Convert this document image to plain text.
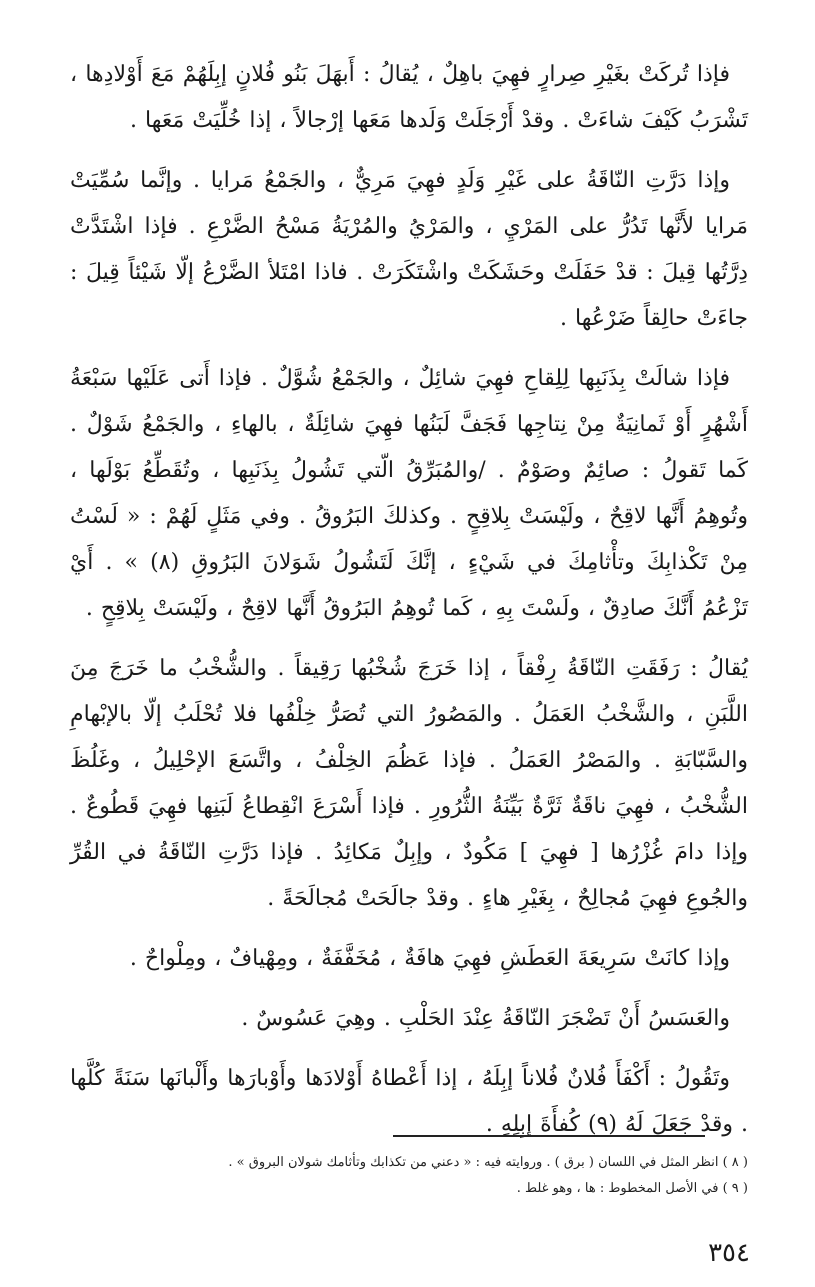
فإذا تُركَتْ بغَيْرِ صِرارٍ فهِيَ باهِلٌ ، يُقالُ : أَبهَلَ بَنُو فُلانٍ إبِلَهُمْ مَعَ أَوْلادِها ، تَشْرَبُ كَيْفَ شاءَتْ . وقدْ أَرْجَلَتْ وَلَدها مَعَها إرْجالاً ، إذا خُلِّيَتْ مَعَها .

وإذا دَرَّتِ النّاقَةُ على غَيْرِ وَلَدٍ فهِيَ مَرِيٌّ ، والجَمْعُ مَرايا . وإنَّما سُمِّيَتْ مَرايا لأَنَّها تَدُرُّ على المَرْيِ ، والمَرْيُ والمُرْيَةُ مَسْحُ الضَّرْعِ . فإذا اشْتَدَّتْ دِرَّتُها قِيلَ : قدْ حَفَلَتْ وحَشَكَتْ واشْتَكَرَتْ . فاذا امْتَلأ الضَّرْعُ إلّا شَيْئاً قِيلَ : جاءَتْ حالِقاً ضَرْعُها .

فإذا شالَتْ بِذَنَبِها لِلِقاحِ فهِيَ شائِلٌ ، والجَمْعُ شُوَّلٌ . فإذا أَتى عَلَيْها سَبْعَةُ أَشْهُرٍ أَوْ ثَمانِيَةٌ مِنْ نِتاجِها فَجَفَّ لَبَنُها فهِيَ شائِلَةٌ ، بالهاءِ ، والجَمْعُ شَوْلٌ . كَما تَقولُ : صائِمٌ وصَوْمٌ . /والمُبَرِّقُ الّتي تَشُولُ بِذَنَبِها ، وتُقَطِّعُ بَوْلَها ، وتُوهِمُ أَنَّها لاقِحٌ ، ولَيْسَتْ بِلاقِحٍ . وكذلكَ البَرُوقُ . وفي مَثَلٍ لَهُمْ : « لَسْتُ مِنْ تَكْذابِكَ وتأْثامِكَ في شَيْءٍ ، إنَّكَ لَتَشُولُ شَوَلانَ البَرُوقِ (٨) » . أَيْ تَزْعُمُ أَنَّكَ صادِقٌ ، ولَسْتَ بِهِ ، كَما تُوهِمُ البَرُوقُ أَنَّها لاقِحٌ ، ولَيْسَتْ بِلاقِحٍ .

يُقالُ : رَفَقَتِ النّاقَةُ رِفْقاً ، إذا خَرَجَ شُخْبُها رَقِيقاً . والشُّخْبُ ما خَرَجَ مِنَ اللَّبَنِ ، والشَّخْبُ العَمَلُ . والمَصُورُ التي تُصَرُّ خِلْفُها فلا تُحْلَبُ إلّا بالإبْهامِ والسَّبّابَةِ . والمَصْرُ العَمَلُ . فإذا عَظُمَ الخِلْفُ ، واتَّسَعَ الإحْلِيلُ ، وغَلُظَ الشُّخْبُ ، فهِيَ ناقَةٌ ثَرَّةٌ بَيِّنَةُ الثُّرُورِ . فإذا أَسْرَعَ انْقِطاعُ لَبَنِها فهِيَ قَطُوعٌ . وإذا دامَ غُزْرُها [ فهِيَ ] مَكُودٌ ، وإبِلٌ مَكائِدُ . فإذا دَرَّتِ النّاقَةُ في القُرِّ والجُوعِ فهِيَ مُجالِحٌ ، بِغَيْرِ هاءٍ . وقدْ جالَحَتْ مُجالَحَةً .

وإذا كانَتْ سَرِيعَةَ العَطَشِ فهِيَ هافَةٌ ، مُخَفَّفَةٌ ، ومِهْيافٌ ، ومِلْواحٌ .

والعَسَسُ أَنْ تَضْجَرَ النّاقَةُ عِنْدَ الحَلْبِ . وهِيَ عَسُوسٌ .

وتَقُولُ : أَكْفَأَ فُلانٌ فُلاناً إبِلَهُ ، إذا أَعْطاهُ أَوْلادَها وأَوْبارَها وأَلْبانَها سَنَةً كُلَّها . وقدْ جَعَلَ لَهُ (٩) كُفأَةَ إبِلِهِ .

( ٨ ) انظر المثل في اللسان ( برق ) . وروايته فيه : « دعني من تكذابك وتأثامك شولان البروق » .

( ٩ ) في الأصل المخطوط : ها ، وهو غلط .

٣٥٤
